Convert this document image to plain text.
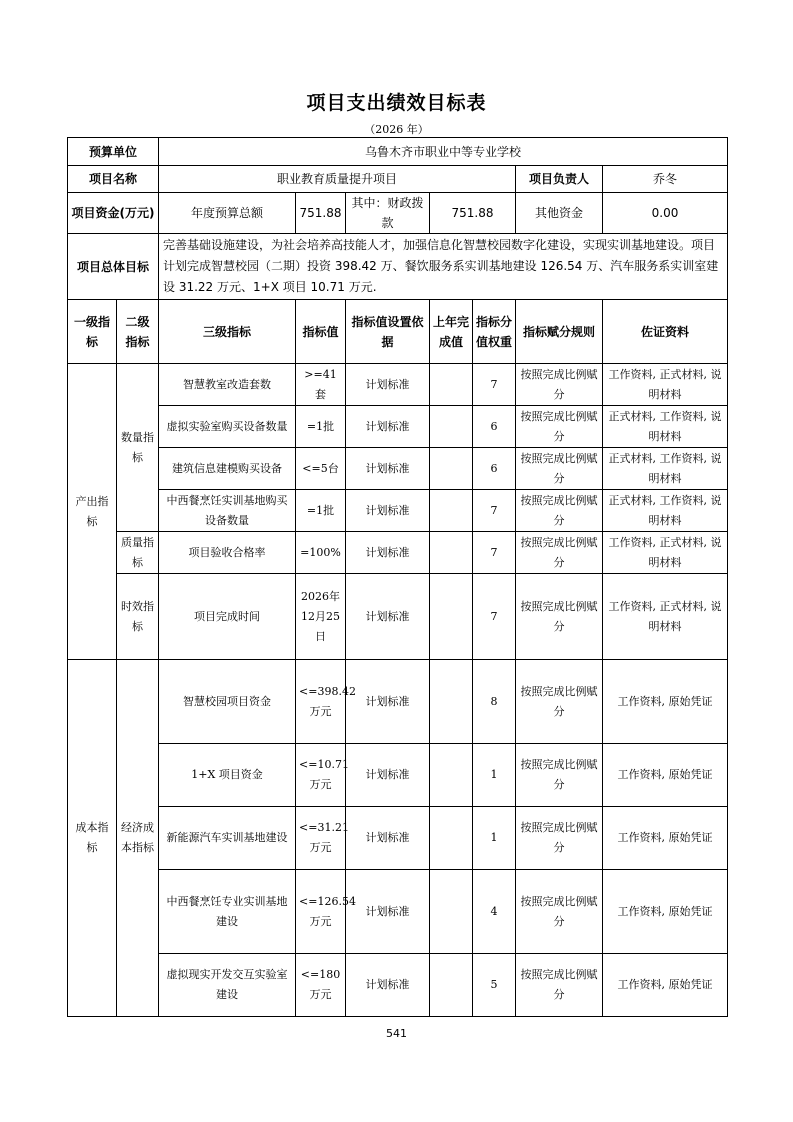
项目支出绩效目标表
（2026 年）
预算单位		乌鲁木齐市职业中等专业学校						
项目名称		职业教育质量提升项目					项目负责人	乔冬
项目资金(万元)		年度预算总额	751.88	其中：财政拨款	751.88		其他资金	0.00
项目总体目标		完善基础设施建设，为社会培养高技能人才，加强信息化智慧校园数字化建设，实现实训基地建设。项目计划完成智慧校园（二期）投资 398.42 万、餐饮服务系实训基地建设 126.54 万、汽车服务系实训室建设 31.22 万元、1+X 项目 10.71 万元.						
一级指标	二级指标	三级指标	指标值	指标值设置依据	上年完成值	指标分值权重	指标赋分规则	佐证资料
产出指标	数量指标	智慧教室改造套数	>=41套	计划标准		7	按照完成比例赋分	工作资料, 正式材料, 说明材料
		虚拟实验室购买设备数量	=1批	计划标准		6	按照完成比例赋分	正式材料, 工作资料, 说明材料
		建筑信息建模购买设备	<=5台	计划标准		6	按照完成比例赋分	正式材料, 工作资料, 说明材料
		中西餐烹饪实训基地购买设备数量	=1批	计划标准		7	按照完成比例赋分	正式材料, 工作资料, 说明材料
	质量指标	项目验收合格率	=100%	计划标准		7	按照完成比例赋分	工作资料, 正式材料, 说明材料
	时效指标	项目完成时间	2026年12月25日	计划标准		7	按照完成比例赋分	工作资料, 正式材料, 说明材料
成本指标	经济成本指标	智慧校园项目资金	<=398.42万元	计划标准		8	按照完成比例赋分	工作资料, 原始凭证
		1+X 项目资金	<=10.71万元	计划标准		1	按照完成比例赋分	工作资料, 原始凭证
		新能源汽车实训基地建设	<=31.21万元	计划标准		1	按照完成比例赋分	工作资料, 原始凭证
		中西餐烹饪专业实训基地建设	<=126.54万元	计划标准		4	按照完成比例赋分	工作资料, 原始凭证
		虚拟现实开发交互实验室建设	<=180万元	计划标准		5	按照完成比例赋分	工作资料, 原始凭证
541
